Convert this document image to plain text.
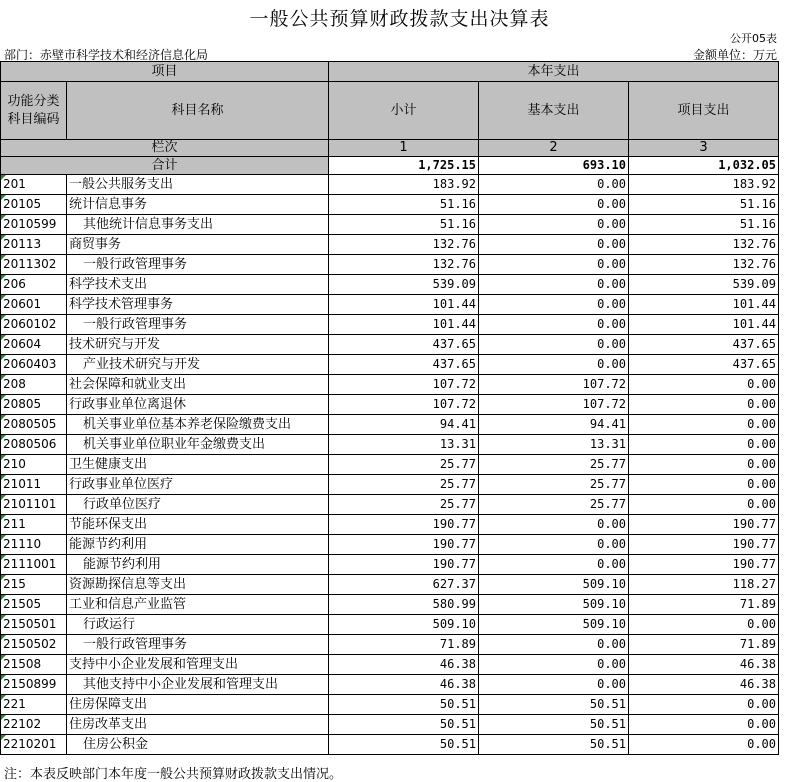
一般公共预算财政拨款支出决算表
公开05表
部门：赤壁市科学技术和经济信息化局	金额单位：万元
项目		本年支出		
功能分类科目编码	科目名称	小计	基本支出	项目支出
栏次		1	2	3
合计		1,725.15	693.10	1,032.05
201	一般公共服务支出	183.92	0.00	183.92
20105	统计信息事务	51.16	0.00	51.16
2010599	其他统计信息事务支出	51.16	0.00	51.16
20113	商贸事务	132.76	0.00	132.76
2011302	一般行政管理事务	132.76	0.00	132.76
206	科学技术支出	539.09	0.00	539.09
20601	科学技术管理事务	101.44	0.00	101.44
2060102	一般行政管理事务	101.44	0.00	101.44
20604	技术研究与开发	437.65	0.00	437.65
2060403	产业技术研究与开发	437.65	0.00	437.65
208	社会保障和就业支出	107.72	107.72	0.00
20805	行政事业单位离退休	107.72	107.72	0.00
2080505	机关事业单位基本养老保险缴费支出	94.41	94.41	0.00
2080506	机关事业单位职业年金缴费支出	13.31	13.31	0.00
210	卫生健康支出	25.77	25.77	0.00
21011	行政事业单位医疗	25.77	25.77	0.00
2101101	行政单位医疗	25.77	25.77	0.00
211	节能环保支出	190.77	0.00	190.77
21110	能源节约利用	190.77	0.00	190.77
2111001	能源节约利用	190.77	0.00	190.77
215	资源勘探信息等支出	627.37	509.10	118.27
21505	工业和信息产业监管	580.99	509.10	71.89
2150501	行政运行	509.10	509.10	0.00
2150502	一般行政管理事务	71.89	0.00	71.89
21508	支持中小企业发展和管理支出	46.38	0.00	46.38
2150899	其他支持中小企业发展和管理支出	46.38	0.00	46.38
221	住房保障支出	50.51	50.51	0.00
22102	住房改革支出	50.51	50.51	0.00
2210201	住房公积金	50.51	50.51	0.00
注：本表反映部门本年度一般公共预算财政拨款支出情况。
